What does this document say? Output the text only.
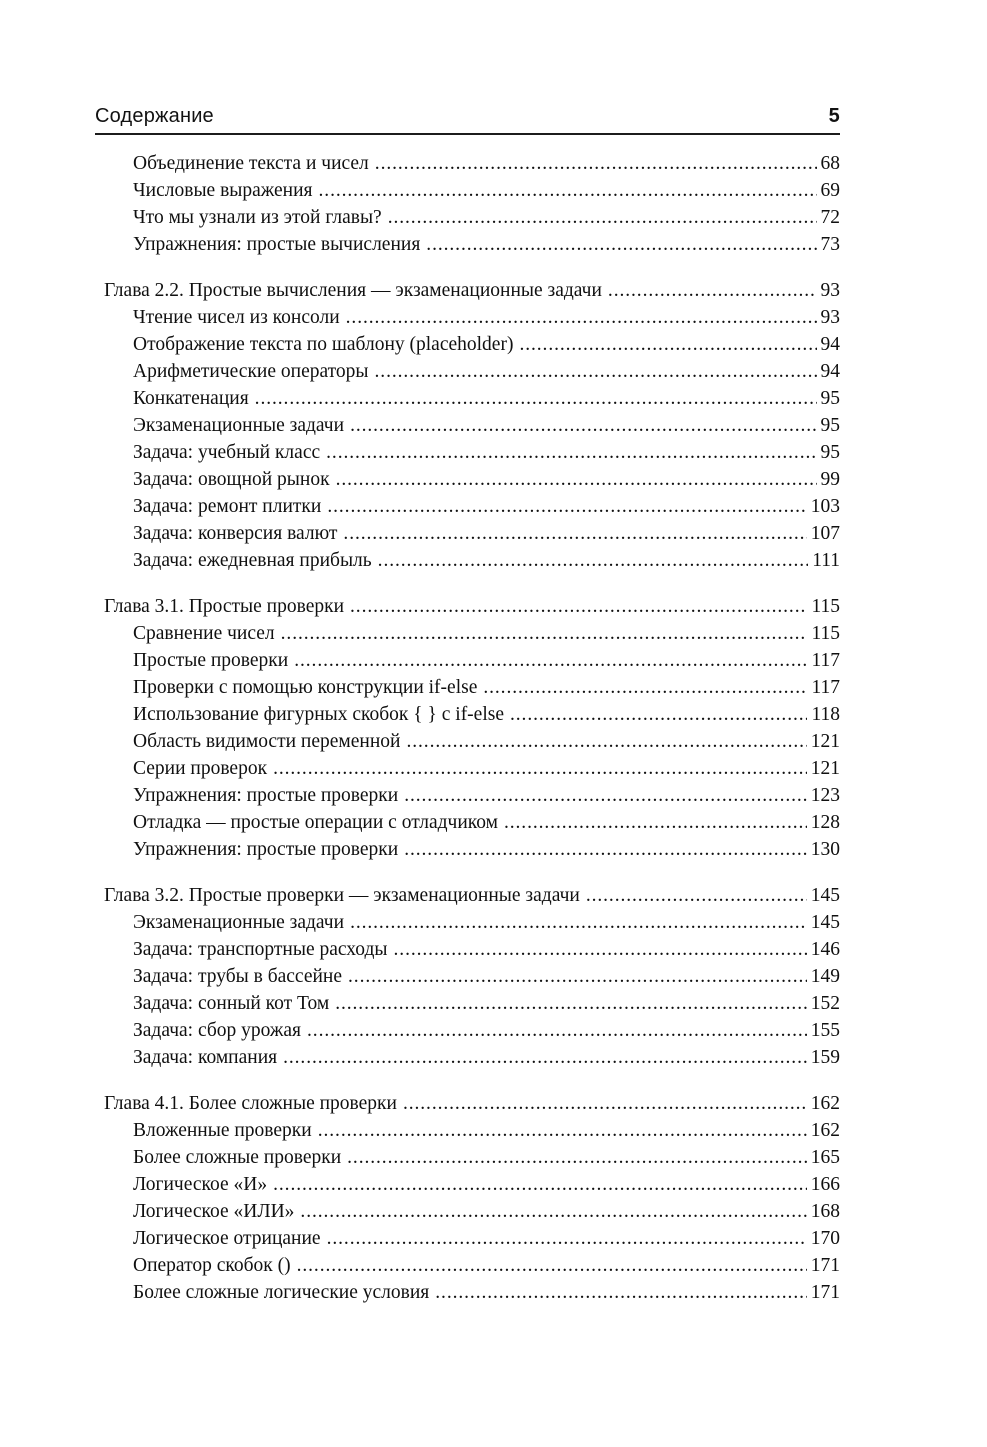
Содержание	5
Объединение текста и чисел .....	68
Числовые выражения .....	69
Что мы узнали из этой главы? .....	72
Упражнения: простые вычисления .....	73
Глава 2.2. Простые вычисления — экзаменационные задачи .....	93
Чтение чисел из консоли .....	93
Отображение текста по шаблону (placeholder) .....	94
Арифметические операторы .....	94
Конкатенация .....	95
Экзаменационные задачи .....	95
Задача: учебный класс .....	95
Задача: овощной рынок .....	99
Задача: ремонт плитки .....	103
Задача: конверсия валют .....	107
Задача: ежедневная прибыль .....	111
Глава 3.1. Простые проверки .....	115
Сравнение чисел .....	115
Простые проверки .....	117
Проверки с помощью конструкции if-else .....	117
Использование фигурных скобок { } с if-else .....	118
Область видимости переменной .....	121
Серии проверок .....	121
Упражнения: простые проверки .....	123
Отладка — простые операции с отладчиком .....	128
Упражнения: простые проверки .....	130
Глава 3.2. Простые проверки — экзаменационные задачи .....	145
Экзаменационные задачи .....	145
Задача: транспортные расходы .....	146
Задача: трубы в бассейне .....	149
Задача: сонный кот Том .....	152
Задача: сбор урожая .....	155
Задача: компания .....	159
Глава 4.1. Более сложные проверки .....	162
Вложенные проверки .....	162
Более сложные проверки .....	165
Логическое «И» .....	166
Логическое «ИЛИ» .....	168
Логическое отрицание .....	170
Оператор скобок () .....	171
Более сложные логические условия .....	171
